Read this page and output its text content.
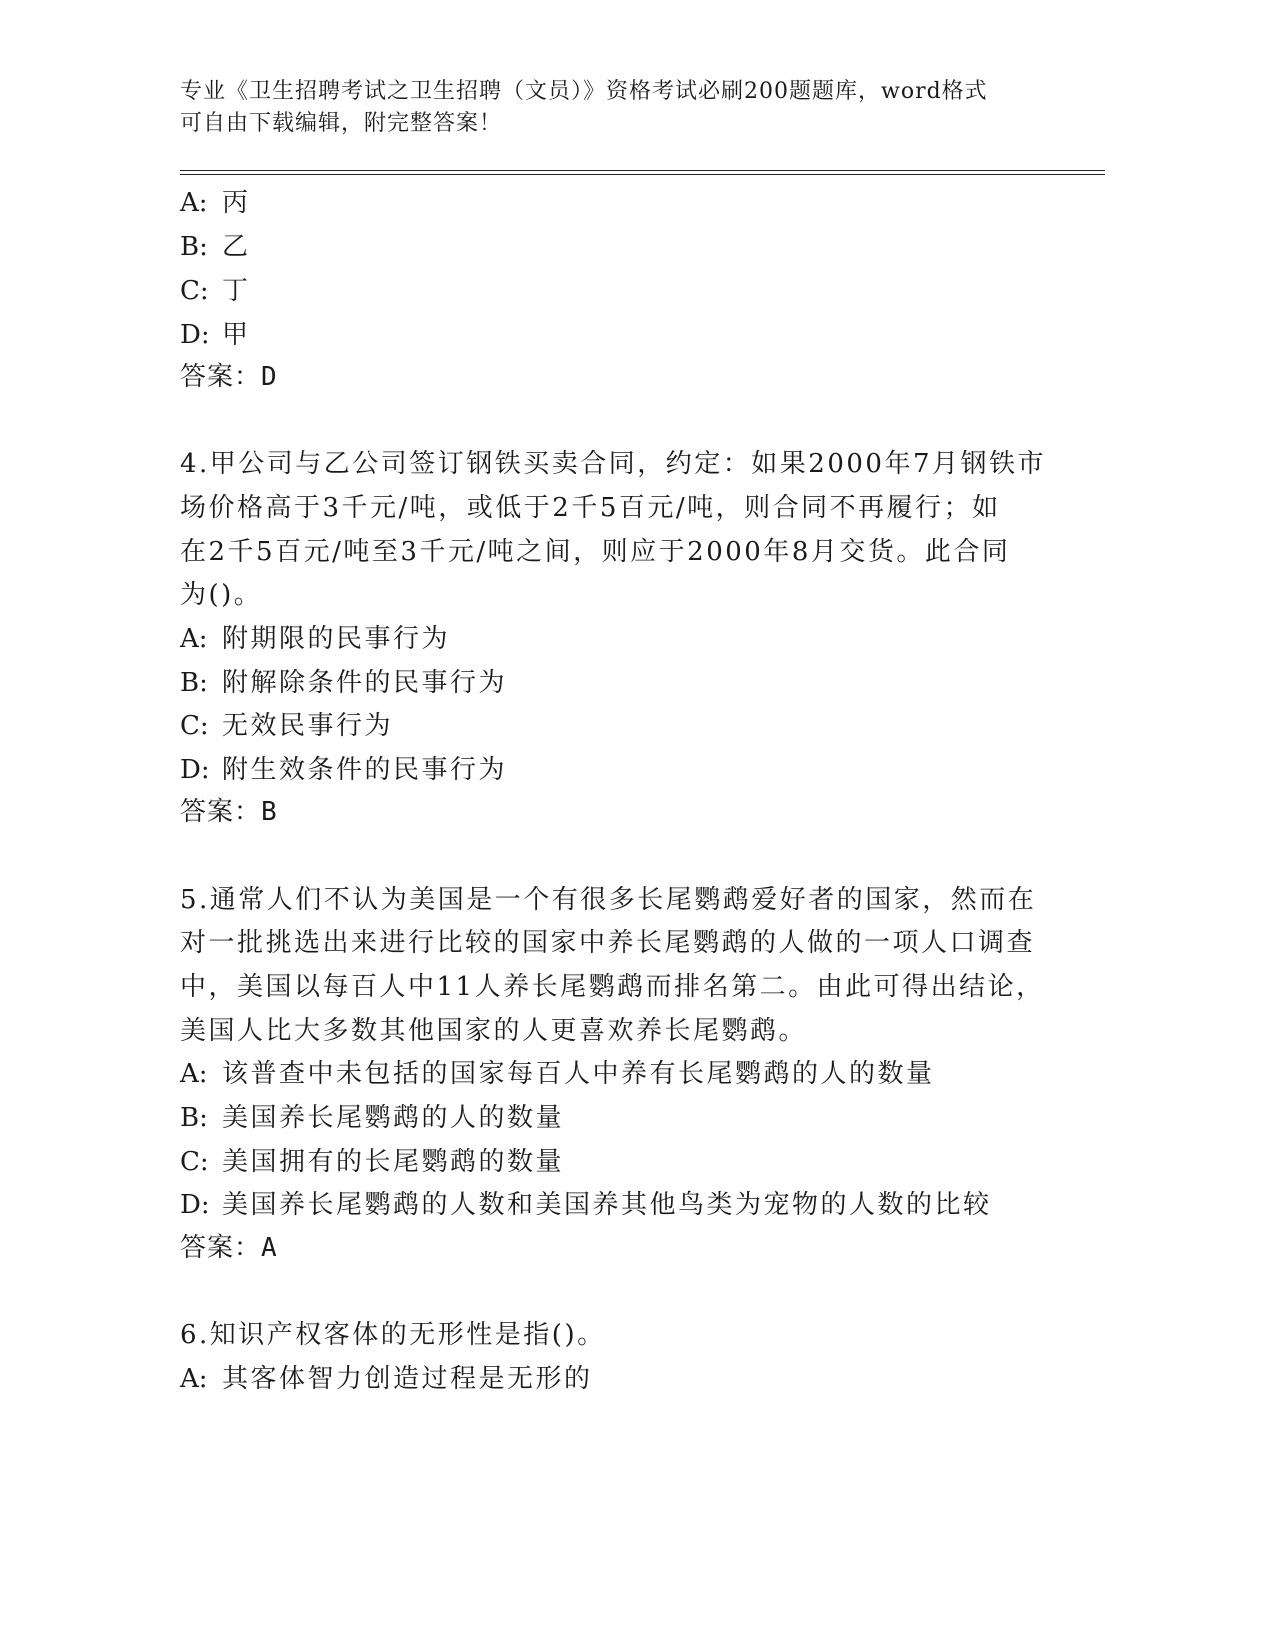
专业《卫生招聘考试之卫生招聘（文员）》资格考试必刷200题题库，word格式
可自由下载编辑，附完整答案！
A: 丙
B: 乙
C: 丁
D: 甲
答案：D
4.甲公司与乙公司签订钢铁买卖合同，约定：如果2000年7月钢铁市
场价格高于3千元/吨，或低于2千5百元/吨，则合同不再履行；如
在2千5百元/吨至3千元/吨之间，则应于2000年8月交货。此合同
为()。
A: 附期限的民事行为
B: 附解除条件的民事行为
C: 无效民事行为
D: 附生效条件的民事行为
答案：B
5.通常人们不认为美国是一个有很多长尾鹦鹉爱好者的国家，然而在
对一批挑选出来进行比较的国家中养长尾鹦鹉的人做的一项人口调查
中，美国以每百人中11人养长尾鹦鹉而排名第二。由此可得出结论，
美国人比大多数其他国家的人更喜欢养长尾鹦鹉。
A: 该普查中未包括的国家每百人中养有长尾鹦鹉的人的数量
B: 美国养长尾鹦鹉的人的数量
C: 美国拥有的长尾鹦鹉的数量
D: 美国养长尾鹦鹉的人数和美国养其他鸟类为宠物的人数的比较
答案：A
6.知识产权客体的无形性是指()。
A: 其客体智力创造过程是无形的
